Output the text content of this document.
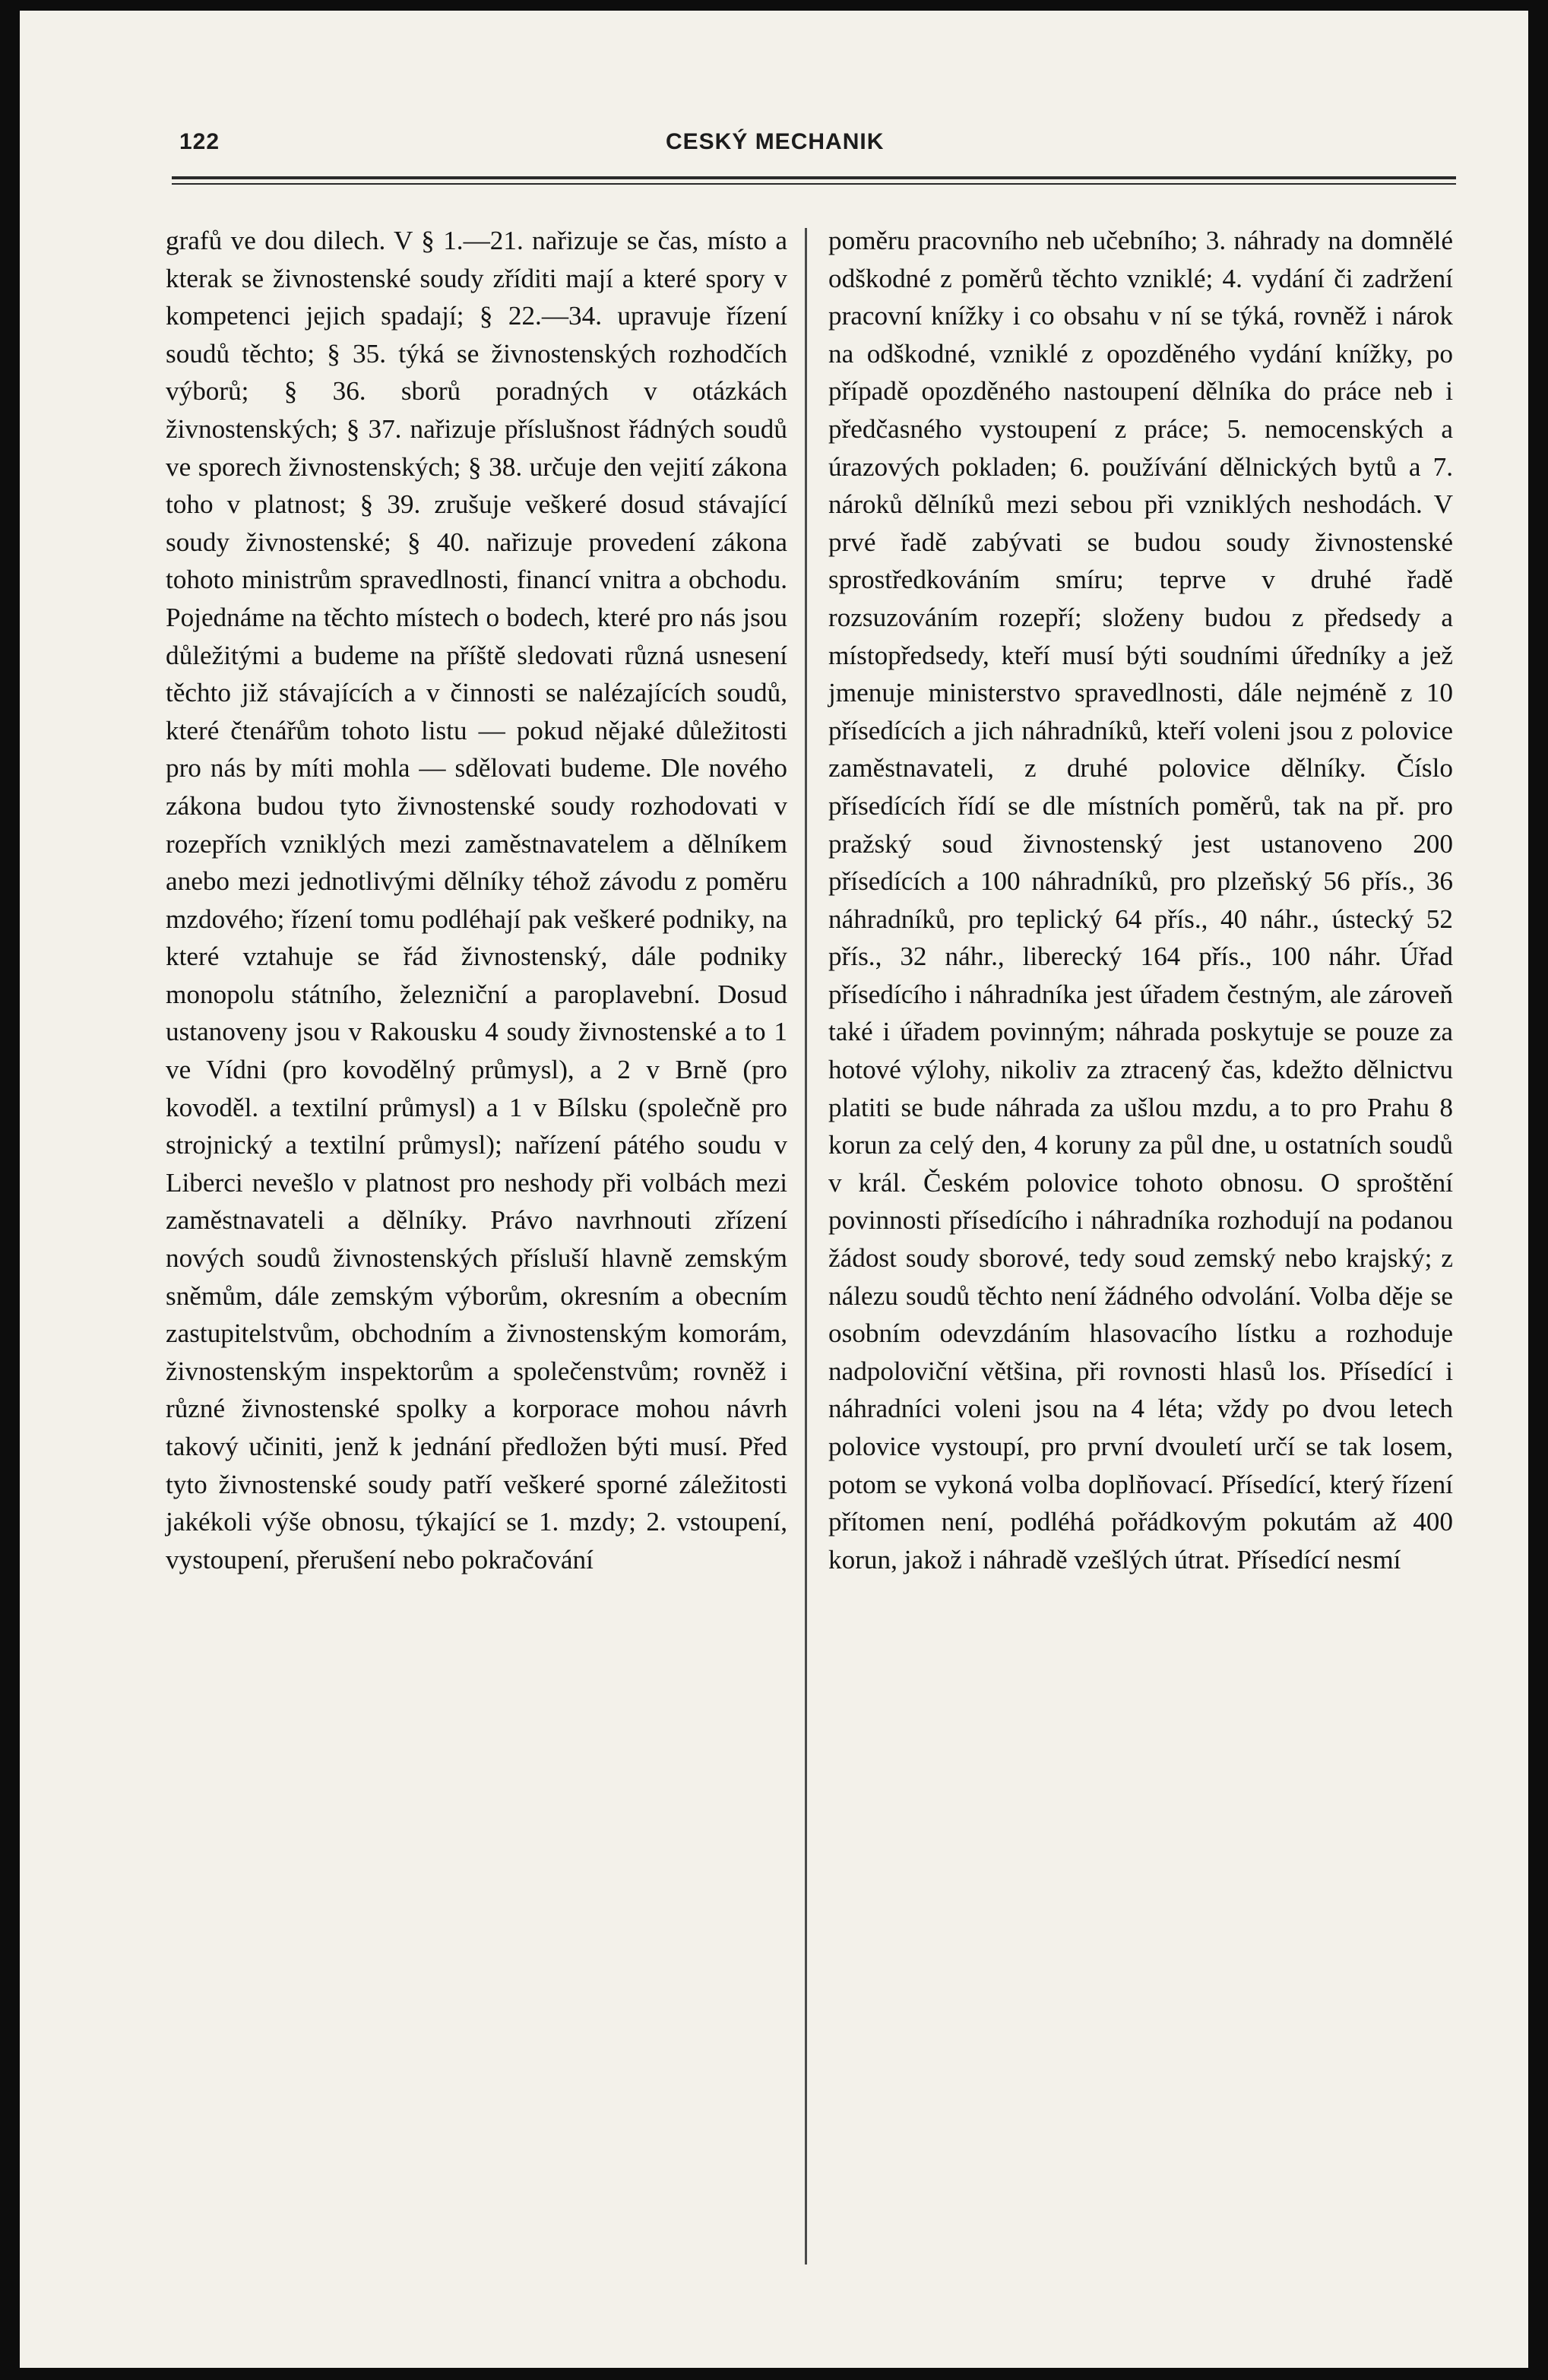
122	CESKÝ MECHANIK

grafů ve dou dilech. V § 1.—21. nařizuje se čas, místo a kterak se živnostenské soudy zříditi mají a které spory v kompetenci jejich spadají; § 22.—34. upravuje řízení soudů těchto; § 35. týká se živnostenských rozhodčích výborů; § 36. sborů poradných v otázkách živnostenských; § 37. nařizuje příslušnost řádných soudů ve sporech živnostenských; § 38. určuje den vejití zákona toho v platnost; § 39. zrušuje veškeré dosud stávající soudy živnostenské; § 40. nařizuje provedení zákona tohoto ministrům spravedlnosti, financí vnitra a obchodu. Pojednáme na těchto místech o bodech, které pro nás jsou důležitými a budeme na příště sledovati různá usnesení těchto již stávajících a v činnosti se nalézajících soudů, které čtenářům tohoto listu — pokud nějaké důležitosti pro nás by míti mohla — sdělovati budeme. Dle nového zákona budou tyto živnostenské soudy rozhodovati v rozepřích vzniklých mezi zaměstnavatelem a dělníkem anebo mezi jednotlivými dělníky téhož závodu z poměru mzdového; řízení tomu podléhají pak veškeré podniky, na které vztahuje se řád živnostenský, dále podniky monopolu státního, železniční a paroplavební. Dosud ustanoveny jsou v Rakousku 4 soudy živnostenské a to 1 ve Vídni (pro kovodělný průmysl), a 2 v Brně (pro kovoděl. a textilní průmysl) a 1 v Bílsku (společně pro strojnický a textilní průmysl); nařízení pátého soudu v Liberci nevešlo v platnost pro neshody při volbách mezi zaměstnavateli a dělníky. Právo navrhnouti zřízení nových soudů živnostenských přísluší hlavně zemským sněmům, dále zemským výborům, okresním a obecním zastupitelstvům, obchodním a živnostenským komorám, živnostenským inspektorům a společenstvům; rovněž i různé živnostenské spolky a korporace mohou návrh takový učiniti, jenž k jednání předložen býti musí. Před tyto živnostenské soudy patří veškeré sporné záležitosti jakékoli výše obnosu, týkající se 1. mzdy; 2. vstoupení, vystoupení, přerušení nebo pokračování

poměru pracovního neb učebního; 3. náhrady na domnělé odškodné z poměrů těchto vzniklé; 4. vydání či zadržení pracovní knížky i co obsahu v ní se týká, rovněž i nárok na odškodné, vzniklé z opozděného vydání knížky, po případě opozděného nastoupení dělníka do práce neb i předčasného vystoupení z práce; 5. nemocenských a úrazových pokladen; 6. používání dělnických bytů a 7. nároků dělníků mezi sebou při vzniklých neshodách. V prvé řadě zabývati se budou soudy živnostenské sprostředkováním smíru; teprve v druhé řadě rozsuzováním rozepří; složeny budou z předsedy a místopředsedy, kteří musí býti soudními úředníky a jež jmenuje ministerstvo spravedlnosti, dále nejméně z 10 přísedících a jich náhradníků, kteří voleni jsou z polovice zaměstnavateli, z druhé polovice dělníky. Číslo přísedících řídí se dle místních poměrů, tak na př. pro pražský soud živnostenský jest ustanoveno 200 přísedících a 100 náhradníků, pro plzeňský 56 přís., 36 náhradníků, pro teplický 64 přís., 40 náhr., ústecký 52 přís., 32 náhr., liberecký 164 přís., 100 náhr. Úřad přísedícího i náhradníka jest úřadem čestným, ale zároveň také i úřadem povinným; náhrada poskytuje se pouze za hotové výlohy, nikoliv za ztracený čas, kdežto dělnictvu platiti se bude náhrada za ušlou mzdu, a to pro Prahu 8 korun za celý den, 4 koruny za půl dne, u ostatních soudů v král. Českém polovice tohoto obnosu. O sproštění povinnosti přísedícího i náhradníka rozhodují na podanou žádost soudy sborové, tedy soud zemský nebo krajský; z nálezu soudů těchto není žádného odvolání. Volba děje se osobním odevzdáním hlasovacího lístku a rozhoduje nadpoloviční většina, při rovnosti hlasů los. Přísedící i náhradníci voleni jsou na 4 léta; vždy po dvou letech polovice vystoupí, pro první dvouletí určí se tak losem, potom se vykoná volba doplňovací. Přísedící, který řízení přítomen není, podléhá pořádkovým pokutám až 400 korun, jakož i náhradě vzešlých útrat. Přísedící nesmí
